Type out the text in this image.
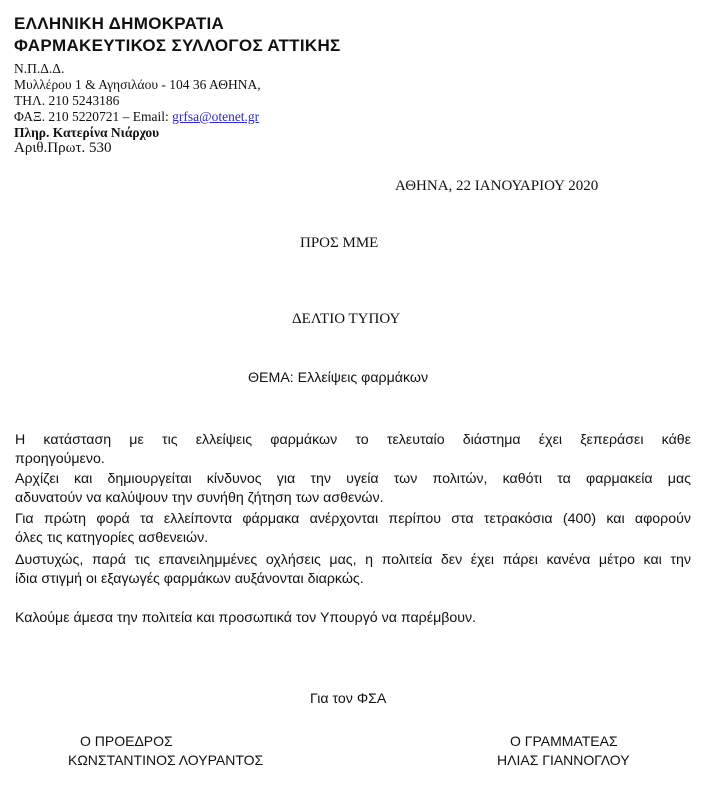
ΕΛΛΗΝΙΚΗ ΔΗΜΟΚΡΑΤΙΑ
ΦΑΡΜΑΚΕΥΤΙΚΟΣ ΣΥΛΛΟΓΟΣ ΑΤΤΙΚΗΣ
Ν.Π.Δ.Δ.
Μυλλέρου 1 & Αγησιλάου - 104 36 ΑΘΗΝΑ,
ΤΗΛ. 210 5243186
ΦΑΞ. 210 5220721 – Email: grfsa@otenet.gr
Πληρ. Κατερίνα Νιάρχου
Αριθ.Πρωτ. 530
ΑΘΗΝΑ, 22 ΙΑΝΟΥΑΡΙΟΥ 2020
ΠΡΟΣ ΜΜΕ
ΔΕΛΤΙΟ ΤΥΠΟΥ
ΘΕΜΑ: Ελλείψεις φαρμάκων
Η κατάσταση με τις ελλείψεις φαρμάκων το τελευταίο διάστημα έχει ξεπεράσει κάθε
προηγούμενο.
Αρχίζει και δημιουργείται κίνδυνος για την υγεία των πολιτών, καθότι τα φαρμακεία μας
αδυνατούν να καλύψουν την συνήθη ζήτηση των ασθενών.
Για πρώτη φορά τα ελλείποντα φάρμακα ανέρχονται περίπου στα τετρακόσια (400) και αφορούν
όλες τις κατηγορίες ασθενειών.
Δυστυχώς, παρά τις επανειλημμένες οχλήσεις μας, η πολιτεία δεν έχει πάρει κανένα μέτρο και την
ίδια στιγμή οι εξαγωγές φαρμάκων αυξάνονται διαρκώς.
Καλούμε άμεσα την πολιτεία και προσωπικά τον Υπουργό να παρέμβουν.
Για τον ΦΣΑ
Ο ΠΡΟΕΔΡΟΣ
ΚΩΝΣΤΑΝΤΙΝΟΣ ΛΟΥΡΑΝΤΟΣ
Ο ΓΡΑΜΜΑΤΕΑΣ
ΗΛΙΑΣ ΓΙΑΝΝΟΓΛΟΥ
